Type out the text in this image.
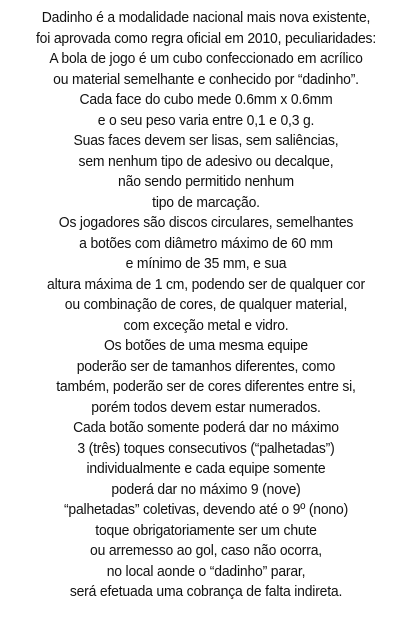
Dadinho é a modalidade nacional mais nova existente,
foi aprovada como regra oficial em 2010, peculiaridades:
A bola de jogo é um cubo confeccionado em acrílico
ou material semelhante e conhecido por “dadinho”.
Cada face do cubo mede 0.6mm x 0.6mm
e o seu peso varia entre 0,1 e 0,3 g.
Suas faces devem ser lisas, sem saliências,
sem nenhum tipo de adesivo ou decalque,
não sendo permitido nenhum
tipo de marcação.
Os jogadores são discos circulares, semelhantes
a botões com diâmetro máximo de 60 mm
e mínimo de 35 mm, e sua
altura máxima de 1 cm, podendo ser de qualquer cor
ou combinação de cores, de qualquer material,
com exceção metal e vidro.
Os botões de uma mesma equipe
poderão ser de tamanhos diferentes, como
também, poderão ser de cores diferentes entre si,
porém todos devem estar numerados.
Cada botão somente poderá dar no máximo
3 (três) toques consecutivos (“palhetadas”)
individualmente e cada equipe somente
poderá dar no máximo 9 (nove)
“palhetadas” coletivas, devendo até o 9º (nono)
toque obrigatoriamente ser um chute
ou arremesso ao gol, caso não ocorra,
no local aonde o “dadinho” parar,
será efetuada uma cobrança de falta indireta.
